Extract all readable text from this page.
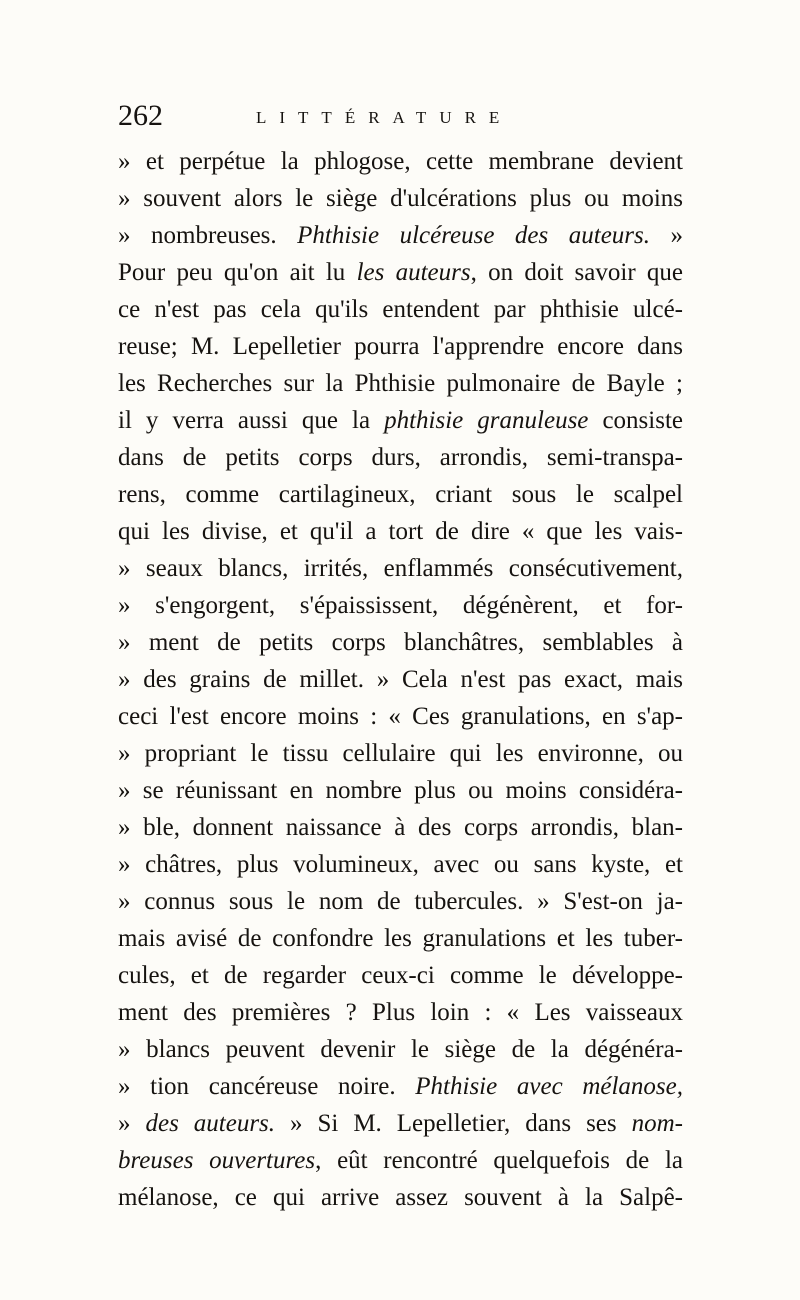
262	LITTÉRATURE
» et perpétue la phlogose, cette membrane devient
» souvent alors le siège d'ulcérations plus ou moins
» nombreuses. Phthisie ulcéreuse des auteurs. »
Pour peu qu'on ait lu les auteurs, on doit savoir que
ce n'est pas cela qu'ils entendent par phthisie ulcé-
reuse; M. Lepelletier pourra l'apprendre encore dans
les Recherches sur la Phthisie pulmonaire de Bayle ;
il y verra aussi que la phthisie granuleuse consiste
dans de petits corps durs, arrondis, semi-transpa-
rens, comme cartilagineux, criant sous le scalpel
qui les divise, et qu'il a tort de dire « que les vais-
» seaux blancs, irrités, enflammés consécutivement,
» s'engorgent, s'épaississent, dégénèrent, et for-
» ment de petits corps blanchâtres, semblables à
» des grains de millet. » Cela n'est pas exact, mais
ceci l'est encore moins : « Ces granulations, en s'ap-
» propriant le tissu cellulaire qui les environne, ou
» se réunissant en nombre plus ou moins considéra-
» ble, donnent naissance à des corps arrondis, blan-
» châtres, plus volumineux, avec ou sans kyste, et
» connus sous le nom de tubercules. » S'est-on ja-
mais avisé de confondre les granulations et les tuber-
cules, et de regarder ceux-ci comme le développe-
ment des premières ? Plus loin : « Les vaisseaux
» blancs peuvent devenir le siège de la dégénéra-
» tion cancéreuse noire. Phthisie avec mélanose,
» des auteurs. » Si M. Lepelletier, dans ses nom-
breuses ouvertures, eût rencontré quelquefois de la
mélanose, ce qui arrive assez souvent à la Salpê-
